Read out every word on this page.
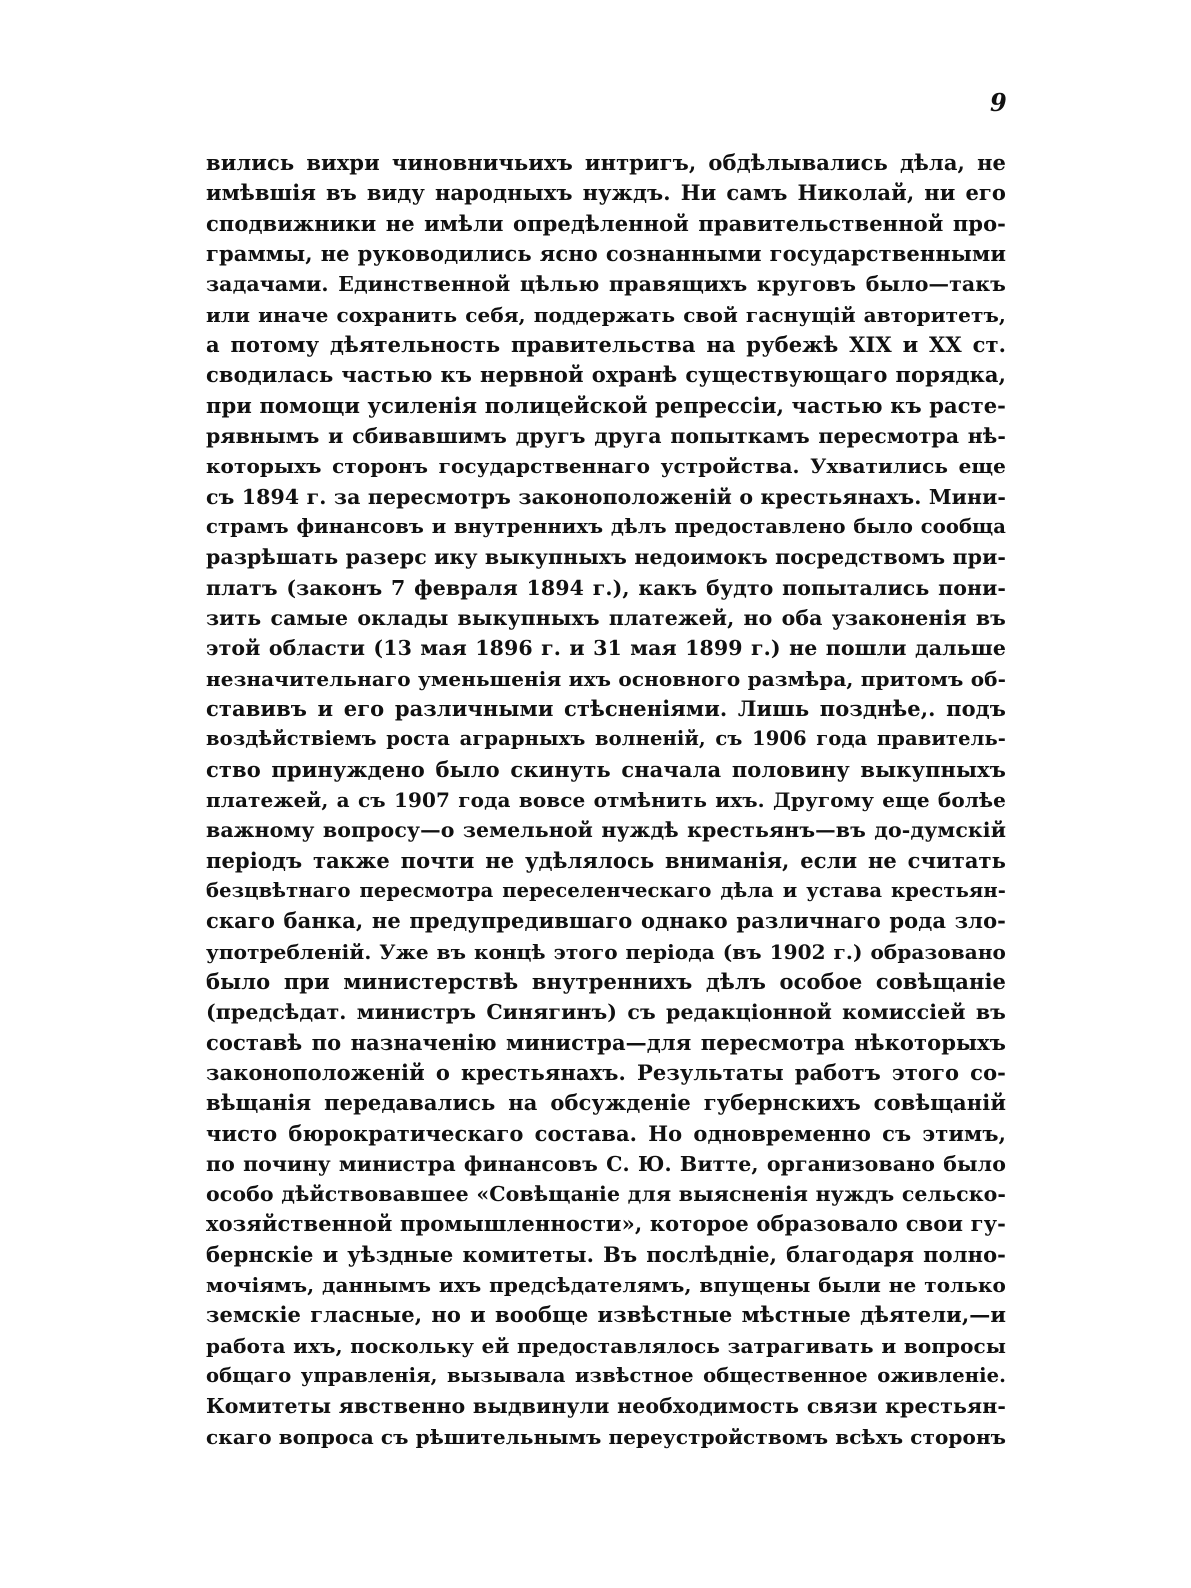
9
вились вихри чиновничьихъ интригъ, обдѣлывались дѣла, не
имѣвшія въ виду народныхъ нуждъ. Ни самъ Николай, ни его
сподвижники не имѣли опредѣленной правительственной про-
граммы, не руководились ясно сознанными государственными
задачами. Единственной цѣлью правящихъ круговъ было—такъ
или иначе сохранить себя, поддержать свой гаснущій авторитетъ,
а потому дѣятельность правительства на рубежѣ XIX и XX ст.
сводилась частью къ нервной охранѣ существующаго порядка,
при помощи усиленія полицейской репрессіи, частью къ расте-
рявнымъ и сбивавшимъ другъ друга попыткамъ пересмотра нѣ-
которыхъ сторонъ государственнаго устройства. Ухватились еще
съ 1894 г. за пересмотръ законоположеній о крестьянахъ. Мини-
страмъ финансовъ и внутреннихъ дѣлъ предоставлено было сообща
разрѣшать разерс ику выкупныхъ недоимокъ посредствомъ при-
платъ (законъ 7 февраля 1894 г.), какъ будто попытались пони-
зить самые оклады выкупныхъ платежей, но оба узаконенія въ
этой области (13 мая 1896 г. и 31 мая 1899 г.) не пошли дальше
незначительнаго уменьшенія ихъ основного размѣра, притомъ об-
ставивъ и его различными стѣсненіями. Лишь позднѣе,. подъ
воздѣйствіемъ роста аграрныхъ волненій, съ 1906 года правитель-
ство принуждено было скинуть сначала половину выкупныхъ
платежей, а съ 1907 года вовсе отмѣнить ихъ. Другому еще болѣе
важному вопросу—о земельной нуждѣ крестьянъ—въ до-думскій
періодъ также почти не удѣлялось вниманія, если не считать
безцвѣтнаго пересмотра переселенческаго дѣла и устава крестьян-
скаго банка, не предупредившаго однако различнаго рода зло-
употребленій. Уже въ концѣ этого періода (въ 1902 г.) образовано
было при министерствѣ внутреннихъ дѣлъ особое совѣщаніе
(предсѣдат. министръ Синягинъ) съ редакціонной комиссіей въ
составѣ по назначенію министра—для пересмотра нѣкоторыхъ
законоположеній о крестьянахъ. Результаты работъ этого со-
вѣщанія передавались на обсужденіе губернскихъ совѣщаній
чисто бюрократическаго состава. Но одновременно съ этимъ,
по почину министра финансовъ С. Ю. Витте, организовано было
особо дѣйствовавшее «Совѣщаніе для выясненія нуждъ сельско-
хозяйственной промышленности», которое образовало свои гу-
бернскіе и уѣздные комитеты. Въ послѣдніе, благодаря полно-
мочіямъ, даннымъ ихъ предсѣдателямъ, впущены были не только
земскіе гласные, но и вообще извѣстные мѣстные дѣятели,—и
работа ихъ, поскольку ей предоставлялось затрагивать и вопросы
общаго управленія, вызывала извѣстное общественное оживленіе.
Комитеты явственно выдвинули необходимость связи крестьян-
скаго вопроса съ рѣшительнымъ переустройствомъ всѣхъ сторонъ
